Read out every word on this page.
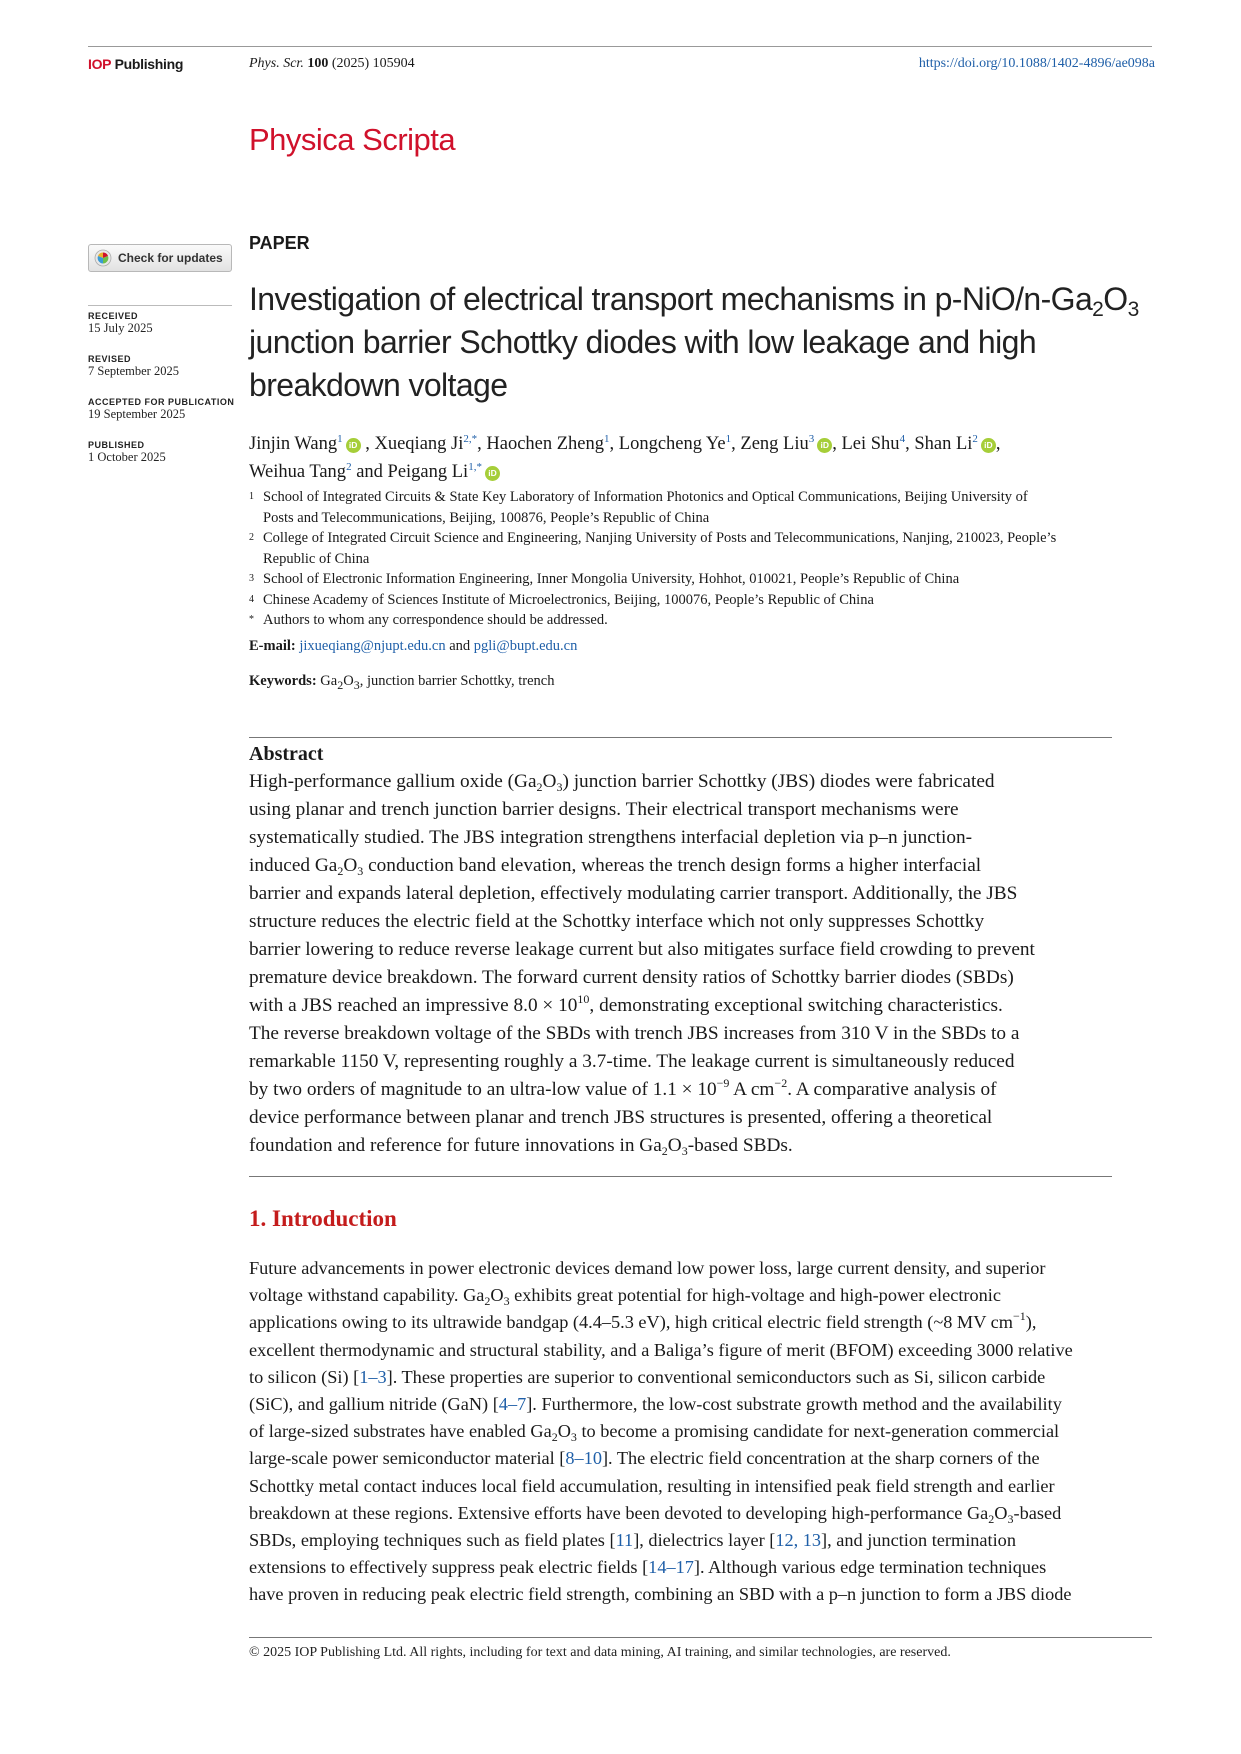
IOP Publishing	Phys. Scr. 100 (2025) 105904	https://doi.org/10.1088/1402-4896/ae098a
Physica Scripta
PAPER
Check for updates
RECEIVED
15 July 2025
REVISED
7 September 2025
ACCEPTED FOR PUBLICATION
19 September 2025
PUBLISHED
1 October 2025
Investigation of electrical transport mechanisms in $p-NiO/n-Ga_2O_3$
junction barrier Schottky diodes with low leakage and high
breakdown voltage
Jinjin Wang$^1$ iD , Xueqiang $Ji^{2,*}$, Haochen Zheng$^1$, Longcheng Ye$^1$, Zeng Liu$^3$ iD , Lei Shu$^4$, Shan Li$^2$ iD ,
Weihua Tang$^2$ and Peigang $Li^{1,*}$ iD
1 School of Integrated Circuits & State Key Laboratory of Information Photonics and Optical Communications, Beijing University of
Posts and Telecommunications, Beijing, 100876, People’s Republic of China
2 College of Integrated Circuit Science and Engineering, Nanjing University of Posts and Telecommunications, Nanjing, 210023, People’s
Republic of China
3 School of Electronic Information Engineering, Inner Mongolia University, Hohhot, 010021, People’s Republic of China
4 Chinese Academy of Sciences Institute of Microelectronics, Beijing, 100076, People’s Republic of China
* Authors to whom any correspondence should be addressed.
E-mail: jixueqiang@njupt.edu.cn and pgli@bupt.edu.cn
Keywords: $Ga_2O_3$, junction barrier Schottky, trench
Abstract
High-performance gallium oxide $(Ga_2O_3)$ junction barrier Schottky (JBS) diodes were fabricated
using planar and trench junction barrier designs. Their electrical transport mechanisms were
systematically studied. The JBS integration strengthens interfacial depletion via p–n junction-
induced $Ga_2O_3$ conduction band elevation, whereas the trench design forms a higher interfacial
barrier and expands lateral depletion, effectively modulating carrier transport. Additionally, the JBS
structure reduces the electric field at the Schottky interface which not only suppresses Schottky
barrier lowering to reduce reverse leakage current but also mitigates surface field crowding to prevent
premature device breakdown. The forward current density ratios of Schottky barrier diodes (SBDs)
with a JBS reached an impressive $8.0 \times 10^{10}$, demonstrating exceptional switching characteristics.
The reverse breakdown voltage of the SBDs with trench JBS increases from 310 V in the SBDs to a
remarkable 1150 V, representing roughly a 3.7-time. The leakage current is simultaneously reduced
by two orders of magnitude to an ultra-low value of $1.1 \times 10^{-9}$ A $cm^{-2}$. A comparative analysis of
device performance between planar and trench JBS structures is presented, offering a theoretical
foundation and reference for future innovations in $Ga_2O_3$-based SBDs.
1. Introduction
Future advancements in power electronic devices demand low power loss, large current density, and superior
voltage withstand capability. $Ga_2O_3$ exhibits great potential for high-voltage and high-power electronic
applications owing to its ultrawide bandgap (4.4–5.3 eV), high critical electric field strength (~8 MV $cm^{-1}$),
excellent thermodynamic and structural stability, and a Baliga’s figure of merit (BFOM) exceeding 3000 relative
to silicon (Si) [1–3]. These properties are superior to conventional semiconductors such as Si, silicon carbide
(SiC), and gallium nitride (GaN) [4–7]. Furthermore, the low-cost substrate growth method and the availability
of large-sized substrates have enabled $Ga_2O_3$ to become a promising candidate for next-generation commercial
large-scale power semiconductor material [8–10]. The electric field concentration at the sharp corners of the
Schottky metal contact induces local field accumulation, resulting in intensified peak field strength and earlier
breakdown at these regions. Extensive efforts have been devoted to developing high-performance $Ga_2O_3$-based
SBDs, employing techniques such as field plates [11], dielectrics layer [12, 13], and junction termination
extensions to effectively suppress peak electric fields [14–17]. Although various edge termination techniques
have proven in reducing peak electric field strength, combining an SBD with a p–n junction to form a JBS diode
© 2025 IOP Publishing Ltd. All rights, including for text and data mining, AI training, and similar technologies, are reserved.
